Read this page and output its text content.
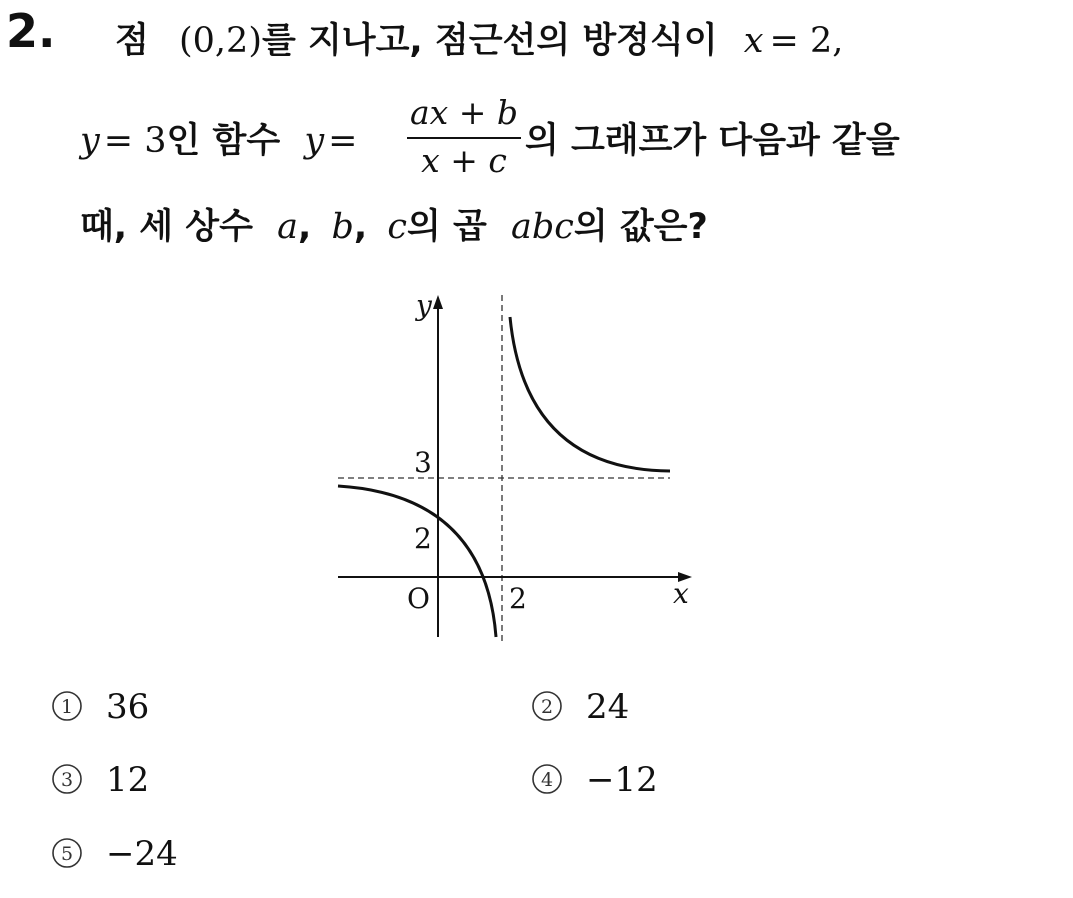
2. 점 (0,2)를 지나고, 점근선의 방정식이 x = 2,
y = 3인 함수 y =
ax + b
x + c 의 그래프가 다음과 같을
때, 세 상수 a, b, c의 곱 abc의 값은?
y
x
O
3
2
2
1 36	2 24
3 12	4 −12
5 −24
